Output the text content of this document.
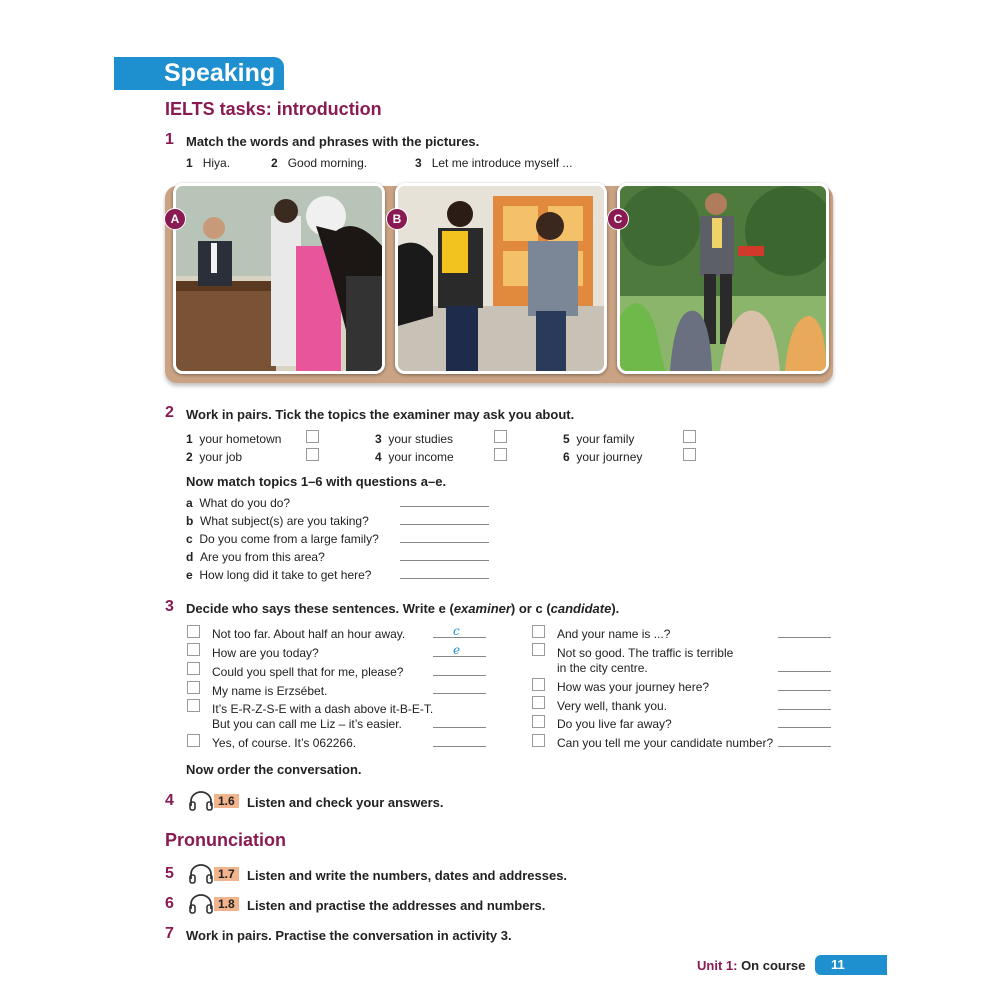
Speaking
IELTS tasks: introduction
1 Match the words and phrases with the pictures.
1 Hiya.	2 Good morning.	3 Let me introduce myself ...
A	B	C
2 Work in pairs. Tick the topics the examiner may ask you about.
1 your hometown
2 your job
3 your studies
4 your income
5 your family
6 your journey
Now match topics 1–6 with questions a–e.
a What do you do?
b What subject(s) are you taking?
c Do you come from a large family?
d Are you from this area?
e How long did it take to get here?
3 Decide who says these sentences. Write e (examiner) or c (candidate).
Not too far. About half an hour away.	c
How are you today?	e
Could you spell that for me, please?
My name is Erzsébet.
It’s E-R-Z-S-E with a dash above it-B-E-T.
But you can call me Liz – it’s easier.
Yes, of course. It’s 062266.
And your name is ...?
Not so good. The traffic is terrible
in the city centre.
How was your journey here?
Very well, thank you.
Do you live far away?
Can you tell me your candidate number?
Now order the conversation.
4	1.6 Listen and check your answers.
Pronunciation
5	1.7 Listen and write the numbers, dates and addresses.
6	1.8 Listen and practise the addresses and numbers.
7 Work in pairs. Practise the conversation in activity 3.
Unit 1: On course	11
